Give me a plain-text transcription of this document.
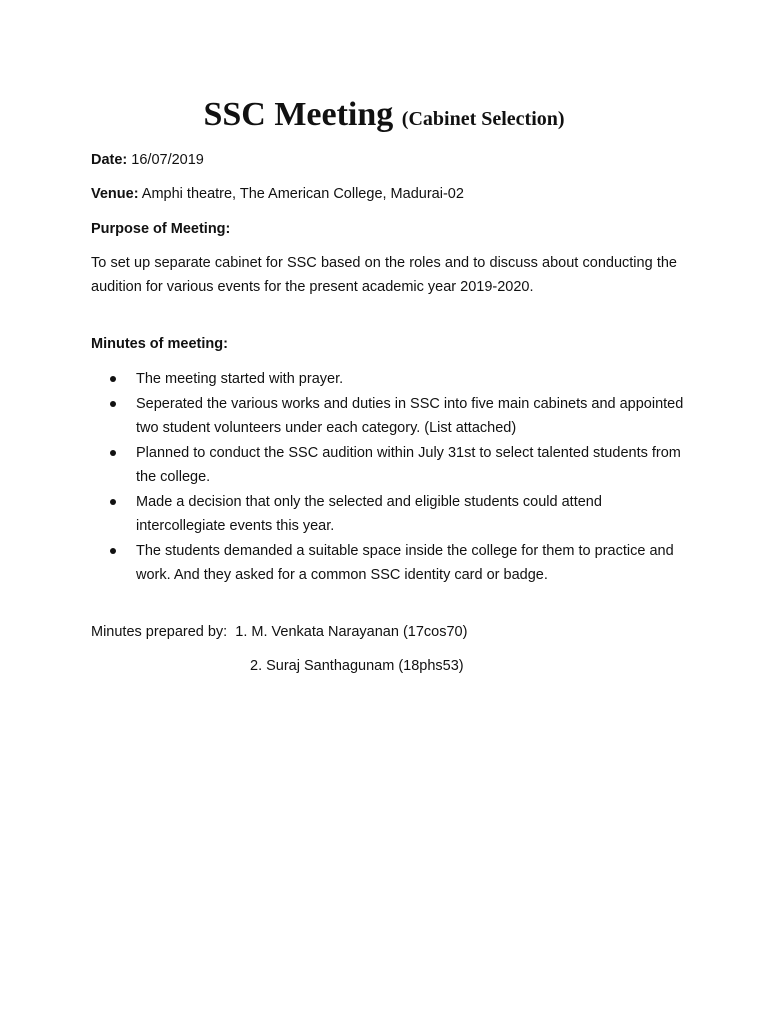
SSC Meeting (Cabinet Selection)

Date: 16/07/2019

Venue: Amphi theatre, The American College, Madurai-02

Purpose of Meeting:

To set up separate cabinet for SSC based on the roles and to discuss about conducting the audition for various events for the present academic year 2019-2020.

Minutes of meeting:

The meeting started with prayer.
Seperated the various works and duties in SSC into five main cabinets and appointed two student volunteers under each category. (List attached)
Planned to conduct the SSC audition within July 31st to select talented students from the college.
Made a decision that only the selected and eligible students could attend intercollegiate events this year.
The students demanded a suitable space inside the college for them to practice and work. And they asked for a common SSC identity card or badge.

Minutes prepared by: 1. M. Venkata Narayanan (17cos70)

2. Suraj Santhagunam (18phs53)
